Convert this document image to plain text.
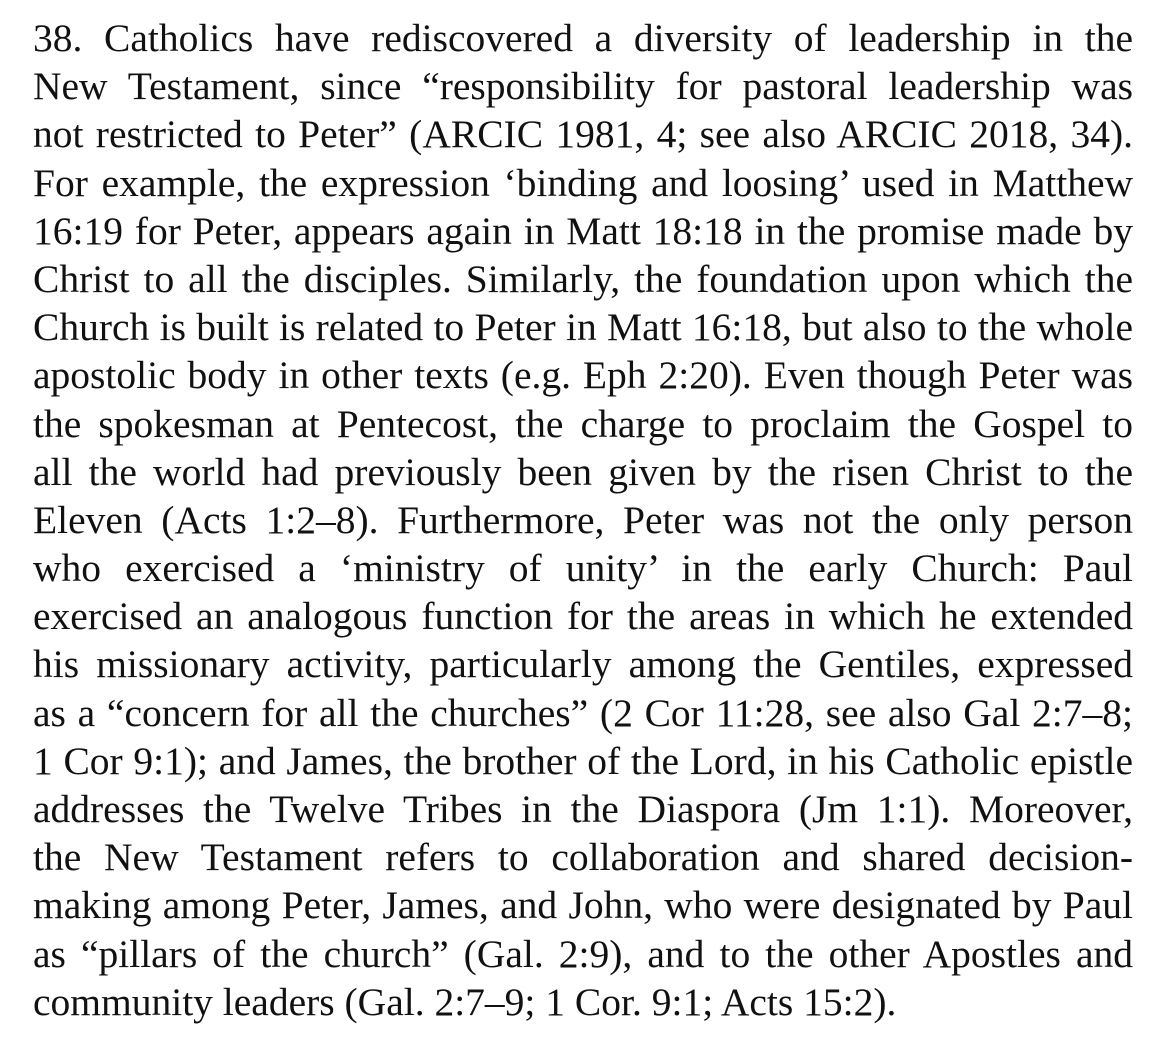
38. Catholics have rediscovered a diversity of leadership in the
New Testament, since “responsibility for pastoral leadership was
not restricted to Peter” (ARCIC 1981, 4; see also ARCIC 2018, 34).
For example, the expression ‘binding and loosing’ used in Matthew
16:19 for Peter, appears again in Matt 18:18 in the promise made by
Christ to all the disciples. Similarly, the foundation upon which the
Church is built is related to Peter in Matt 16:18, but also to the whole
apostolic body in other texts (e.g. Eph 2:20). Even though Peter was
the spokesman at Pentecost, the charge to proclaim the Gospel to
all the world had previously been given by the risen Christ to the
Eleven (Acts 1:2–8). Furthermore, Peter was not the only person
who exercised a ‘ministry of unity’ in the early Church: Paul
exercised an analogous function for the areas in which he extended
his missionary activity, particularly among the Gentiles, expressed
as a “concern for all the churches” (2 Cor 11:28, see also Gal 2:7–8;
1 Cor 9:1); and James, the brother of the Lord, in his Catholic epistle
addresses the Twelve Tribes in the Diaspora (Jm 1:1). Moreover,
the New Testament refers to collaboration and shared decision-
making among Peter, James, and John, who were designated by Paul
as “pillars of the church” (Gal. 2:9), and to the other Apostles and
community leaders (Gal. 2:7–9; 1 Cor. 9:1; Acts 15:2).
